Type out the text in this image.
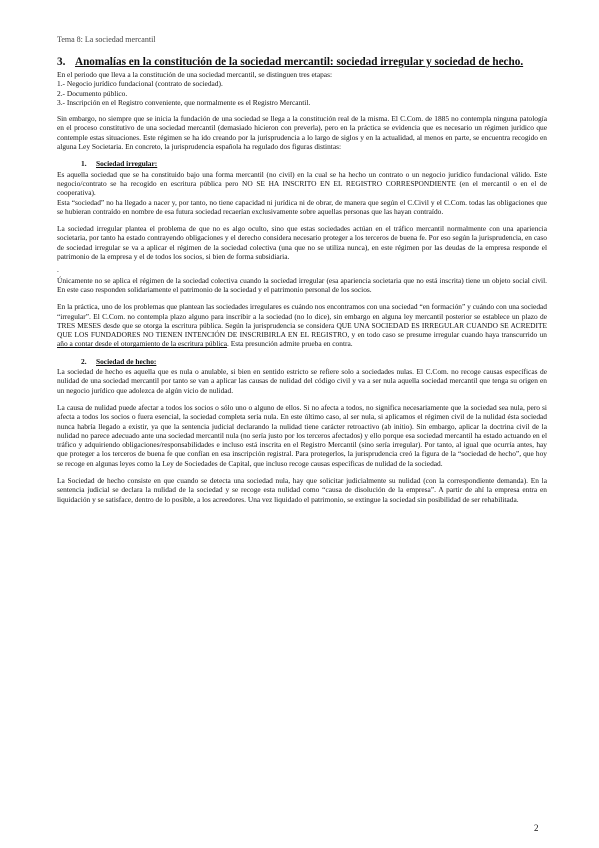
Tema 8: La sociedad mercantil
3. Anomalías en la constitución de la sociedad mercantil: sociedad irregular y sociedad de hecho.
En el periodo que lleva a la constitución de una sociedad mercantil, se distinguen tres etapas:
1.- Negocio jurídico fundacional (contrato de sociedad).
2.- Documento público.
3.- Inscripción en el Registro conveniente, que normalmente es el Registro Mercantil.

Sin embargo, no siempre que se inicia la fundación de una sociedad se llega a la constitución real de la misma. El C.Com. de 1885 no contempla ninguna patología en el proceso constitutivo de una sociedad mercantil (demasiado hicieron con preverla), pero en la práctica se evidencia que es necesario un régimen jurídico que contemple estas situaciones. Este régimen se ha ido creando por la jurisprudencia a lo largo de siglos y en la actualidad, al menos en parte, se encuentra recogido en alguna Ley Societaria. En concreto, la jurisprudencia española ha regulado dos figuras distintas:

1. Sociedad irregular:

Es aquella sociedad que se ha constituido bajo una forma mercantil (no civil) en la cual se ha hecho un contrato o un negocio jurídico fundacional válido. Este negocio/contrato se ha recogido en escritura pública pero NO SE HA INSCRITO EN EL REGISTRO CORRESPONDIENTE (en el mercantil o en el de cooperativa).
Esta “sociedad” no ha llegado a nacer y, por tanto, no tiene capacidad ni jurídica ni de obrar, de manera que según el C.Civil y el C.Com. todas las obligaciones que se hubieran contraído en nombre de esa futura sociedad recaerían exclusivamente sobre aquellas personas que las hayan contraído.

La sociedad irregular plantea el problema de que no es algo oculto, sino que estas sociedades actúan en el tráfico mercantil normalmente con una apariencia societaria, por tanto ha estado contrayendo obligaciones y el derecho considera necesario proteger a los terceros de buena fe. Por eso según la jurisprudencia, en caso de sociedad irregular se va a aplicar el régimen de la sociedad colectiva (una que no se utiliza nunca), en este régimen por las deudas de la empresa responde el patrimonio de la empresa y el de todos los socios, si bien de forma subsidiaria.

.

Únicamente no se aplica el régimen de la sociedad colectiva cuando la sociedad irregular (esa apariencia societaria que no está inscrita) tiene un objeto social civil. En este caso responden solidariamente el patrimonio de la sociedad y el patrimonio personal de los socios.

En la práctica, uno de los problemas que plantean las sociedades irregulares es cuándo nos encontramos con una sociedad “en formación” y cuándo con una sociedad “irregular”. El C.Com. no contempla plazo alguno para inscribir a la sociedad (no lo dice), sin embargo en alguna ley mercantil posterior se establece un plazo de TRES MESES desde que se otorga la escritura pública. Según la jurisprudencia se considera QUE UNA SOCIEDAD ES IRREGULAR CUANDO SE ACREDITE QUE LOS FUNDADORES NO TIENEN INTENCIÓN DE INSCRIBIRLA EN EL REGISTRO, y en todo caso se presume irregular cuando haya transcurrido un año a contar desde el otorgamiento de la escritura pública. Esta presunción admite prueba en contra.

2. Sociedad de hecho:

La sociedad de hecho es aquella que es nula o anulable, si bien en sentido estricto se refiere solo a sociedades nulas. El C.Com. no recoge causas específicas de nulidad de una sociedad mercantil por tanto se van a aplicar las causas de nulidad del código civil y va a ser nula aquella sociedad mercantil que tenga su origen en un negocio jurídico que adolezca de algún vicio de nulidad.

La causa de nulidad puede afectar a todos los socios o sólo uno o alguno de ellos. Si no afecta a todos, no significa necesariamente que la sociedad sea nula, pero si afecta a todos los socios o fuera esencial, la sociedad completa sería nula. En este último caso, al ser nula, si aplicamos el régimen civil de la nulidad ésta sociedad nunca habría llegado a existir, ya que la sentencia judicial declarando la nulidad tiene carácter retroactivo (ab initio). Sin embargo, aplicar la doctrina civil de la nulidad no parece adecuado ante una sociedad mercantil nula (no sería justo por los terceros afectados) y ello porque esa sociedad mercantil ha estado actuando en el tráfico y adquiriendo obligaciones/responsabilidades e incluso está inscrita en el Registro Mercantil (sino sería irregular). Por tanto, al igual que ocurría antes, hay que proteger a los terceros de buena fe que confían en esa inscripción registral. Para protegerlos, la jurisprudencia creó la figura de la “sociedad de hecho”, que hoy se recoge en algunas leyes como la Ley de Sociedades de Capital, que incluso recoge causas específicas de nulidad de la sociedad.

La Sociedad de hecho consiste en que cuando se detecta una sociedad nula, hay que solicitar judicialmente su nulidad (con la correspondiente demanda). En la sentencia judicial se declara la nulidad de la sociedad y se recoge esta nulidad como “causa de disolución de la empresa”. A partir de ahí la empresa entra en liquidación y se satisface, dentro de lo posible, a los acreedores. Una vez liquidado el patrimonio, se extingue la sociedad sin posibilidad de ser rehabilitada.

2
